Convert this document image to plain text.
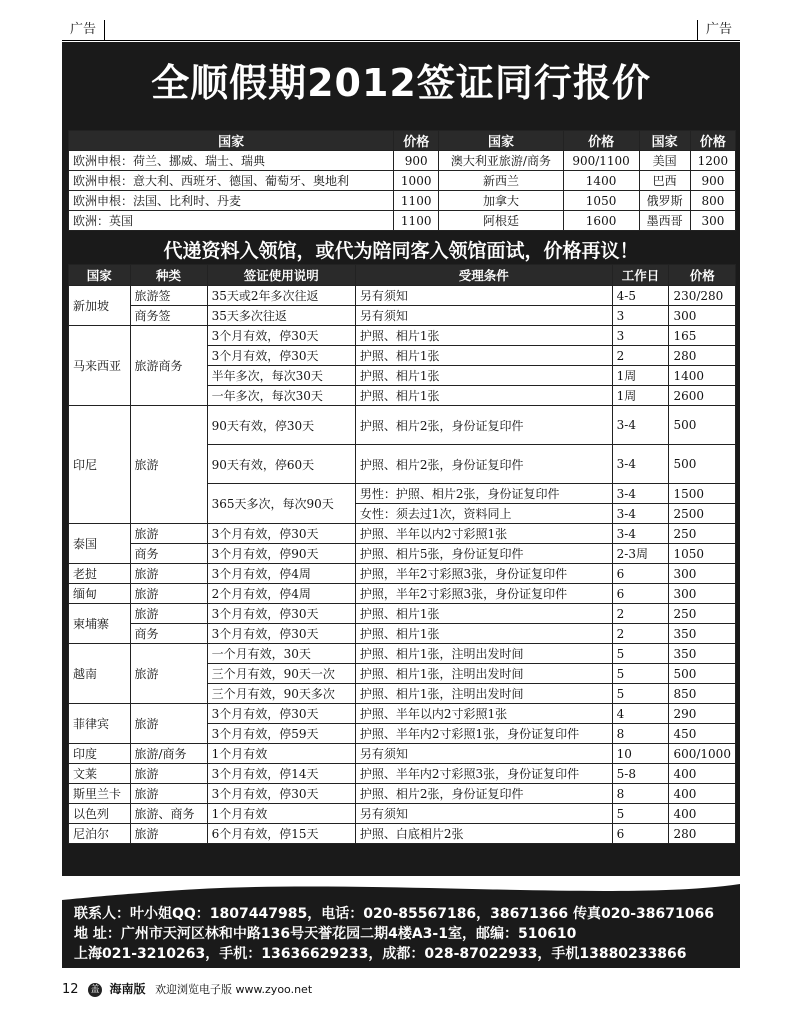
广告	广告
全顺假期2012签证同行报价
国家	价格	国家	价格	国家	价格
欧洲申根：荷兰、挪威、瑞士、瑞典	900	澳大利亚旅游/商务	900/1100	美国	1200
欧洲申根：意大利、西班牙、德国、葡萄牙、奥地利	1000	新西兰	1400	巴西	900
欧洲申根：法国、比利时、丹麦	1100	加拿大	1050	俄罗斯	800
欧洲：英国	1100	阿根廷	1600	墨西哥	300
代递资料入领馆，或代为陪同客入领馆面试，价格再议！
国家	种类	签证使用说明	受理条件	工作日	价格
新加坡	旅游签	35天或2年多次往返	另有须知	4-5	230/280
	商务签	35天多次往返	另有须知	3	300
马来西亚	旅游商务	3个月有效，停30天	护照、相片1张	3	165
		3个月有效，停30天	护照、相片1张	2	280
		半年多次，每次30天	护照、相片1张	1周	1400
		一年多次，每次30天	护照、相片1张	1周	2600
印尼	旅游	90天有效，停30天	护照、相片2张，身份证复印件	3-4	500
		90天有效，停60天	护照、相片2张，身份证复印件	3-4	500
		365天多次，每次90天	男性：护照、相片2张，身份证复印件	3-4	1500
			女性：须去过1次，资料同上	3-4	2500
泰国	旅游	3个月有效，停30天	护照、半年以内2寸彩照1张	3-4	250
	商务	3个月有效，停90天	护照、相片5张，身份证复印件	2-3周	1050
老挝	旅游	3个月有效，停4周	护照，半年2寸彩照3张，身份证复印件	6	300
缅甸	旅游	2个月有效，停4周	护照，半年2寸彩照3张，身份证复印件	6	300
柬埔寨	旅游	3个月有效，停30天	护照、相片1张	2	250
	商务	3个月有效，停30天	护照、相片1张	2	350
越南	旅游	一个月有效，30天	护照、相片1张，注明出发时间	5	350
		三个月有效，90天一次	护照、相片1张，注明出发时间	5	500
		三个月有效，90天多次	护照、相片1张，注明出发时间	5	850
菲律宾	旅游	3个月有效，停30天	护照、半年以内2寸彩照1张	4	290
		3个月有效，停59天	护照、半年内2寸彩照1张，身份证复印件	8	450
印度	旅游/商务	1个月有效	另有须知	10	600/1000
文莱	旅游	3个月有效，停14天	护照、半年内2寸彩照3张，身份证复印件	5-8	400
斯里兰卡	旅游	3个月有效，停30天	护照、相片2张，身份证复印件	8	400
以色列	旅游、商务	1个月有效	另有须知	5	400
尼泊尔	旅游	6个月有效，停15天	护照、白底相片2张	6	280
联系人：叶小姐QQ：1807447985，电话：020-85567186，38671366 传真020-38671066
地 址：广州市天河区林和中路136号天誉花园二期4楼A3-1室，邮编：510610
上海021-3210263，手机：13636629233，成都：028-87022933，手机13880233866
12 盖 海南版 欢迎浏览电子版 www.zyoo.net
